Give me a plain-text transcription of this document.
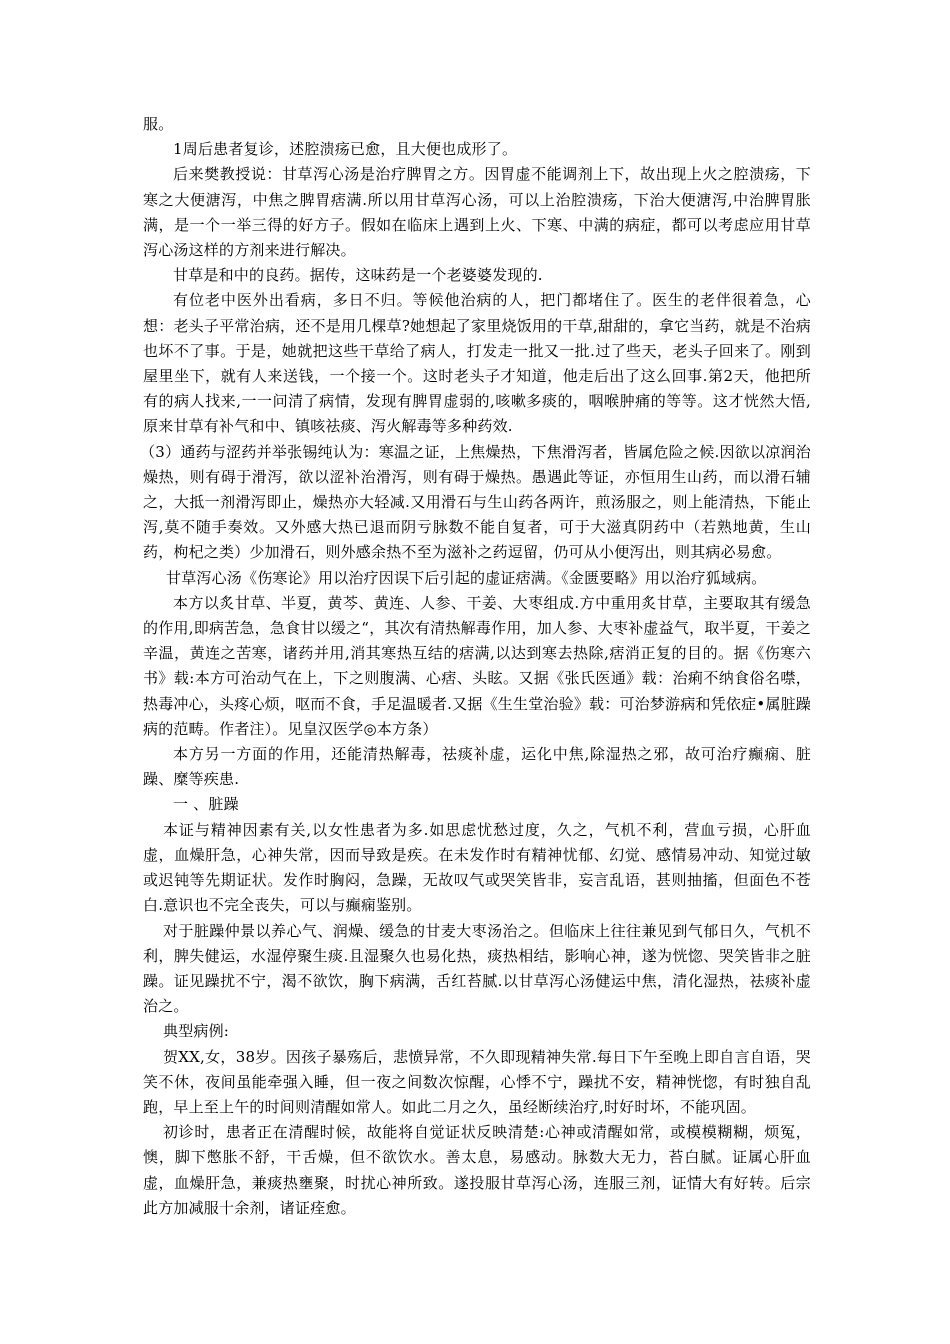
服。

1周后患者复诊，述腔溃疡已愈，且大便也成形了。

后来樊教授说：甘草泻心汤是治疗脾胃之方。因胃虚不能调剂上下，故出现上火之腔溃疡，下寒之大便溏泻，中焦之脾胃痞满.所以用甘草泻心汤，可以上治腔溃疡，下治大便溏泻,中治脾胃胀满，是一个一举三得的好方子。假如在临床上遇到上火、下寒、中满的病症，都可以考虑应用甘草泻心汤这样的方剂来进行解决。

甘草是和中的良药。据传，这味药是一个老婆婆发现的.

有位老中医外出看病，多日不归。等候他治病的人，把门都堵住了。医生的老伴很着急，心想：老头子平常治病，还不是用几棵草?她想起了家里烧饭用的干草,甜甜的，拿它当药，就是不治病也坏不了事。于是，她就把这些干草给了病人，打发走一批又一批.过了些天，老头子回来了。刚到屋里坐下，就有人来送钱，一个接一个。这时老头子才知道，他走后出了这么回事.第2天，他把所有的病人找来,一一问清了病情，发现有脾胃虚弱的,咳嗽多痰的，咽喉肿痛的等等。这才恍然大悟,原来甘草有补气和中、镇咳祛痰、泻火解毒等多种药效.

（3）通药与涩药并举张锡纯认为：寒温之证，上焦燥热，下焦滑泻者，皆属危险之候.因欲以凉润治燥热，则有碍于滑泻，欲以涩补治滑泻，则有碍于燥热。愚遇此等证，亦恒用生山药，而以滑石辅之，大抵一剂滑泻即止，燥热亦大轻减.又用滑石与生山药各两许，煎汤服之，则上能清热，下能止泻,莫不随手奏效。又外感大热已退而阴亏脉数不能自复者，可于大滋真阴药中（若熟地黄，生山药，枸杞之类）少加滑石，则外感余热不至为滋补之药逗留，仍可从小便泻出，则其病必易愈。

甘草泻心汤《伤寒论》用以治疗因误下后引起的虚证痞满。《金匮要略》用以治疗狐域病。

本方以炙甘草、半夏，黄芩、黄连、人参、干姜、大枣组成.方中重用炙甘草，主要取其有缓急的作用,即病苦急，急食甘以缓之“，其次有清热解毒作用，加人参、大枣补虚益气，取半夏，干姜之辛温，黄连之苦寒，诸药并用,消其寒热互结的痞满,以达到寒去热除,痞消正复的目的。据《伤寒六书》载:本方可治动气在上，下之则腹满、心痞、头眩。又据《张氏医通》载：治痢不纳食俗名噤，热毒冲心，头疼心烦，呕而不食，手足温暖者.又据《生生堂治验》载：可治梦游病和凭依症•属脏躁病的范畴。作者注）。见皇汉医学◎本方条）

本方另一方面的作用，还能清热解毒，祛痰补虚，运化中焦,除湿热之邪，故可治疗癫痫、脏躁、糜等疾患.

一 、脏躁

本证与精神因素有关,以女性患者为多.如思虑忧愁过度，久之，气机不利，营血亏损，心肝血虚，血燥肝急，心神失常，因而导致是疾。在未发作时有精神忧郁、幻觉、感情易冲动、知觉过敏或迟钝等先期证状。发作时胸闷，急躁，无故叹气或哭笑皆非，妄言乱语，甚则抽搐，但面色不苍白.意识也不完全丧失，可以与癫痫鉴别。

对于脏躁仲景以养心气、润燥、缓急的甘麦大枣汤治之。但临床上往往兼见到气郁日久，气机不利，脾失健运，水湿停聚生痰.且湿聚久也易化热，痰热相结，影响心神，遂为恍惚、哭笑皆非之脏躁。证见躁扰不宁，渴不欲饮，胸下病满，舌红苔腻.以甘草泻心汤健运中焦，清化湿热，祛痰补虚治之。

典型病例:

贺XX,女，38岁。因孩子暴殇后，悲愤异常，不久即现精神失常.每日下午至晚上即自言自语，哭笑不休，夜间虽能牵强入睡，但一夜之间数次惊醒，心悸不宁，躁扰不安，精神恍惚，有时独自乱跑，早上至上午的时间则清醒如常人。如此二月之久，虽经断续治疗,时好时坏，不能巩固。

初诊时，患者正在清醒时候，故能将自觉证状反映清楚:心神或清醒如常，或模模糊糊，烦冤，懊，脚下憋胀不舒，干舌燥，但不欲饮水。善太息，易感动。脉数大无力，苔白腻。证属心肝血虚，血燥肝急，兼痰热壅聚，时扰心神所致。遂投服甘草泻心汤，连服三剂，证情大有好转。后宗此方加减服十余剂，诸证痊愈。
